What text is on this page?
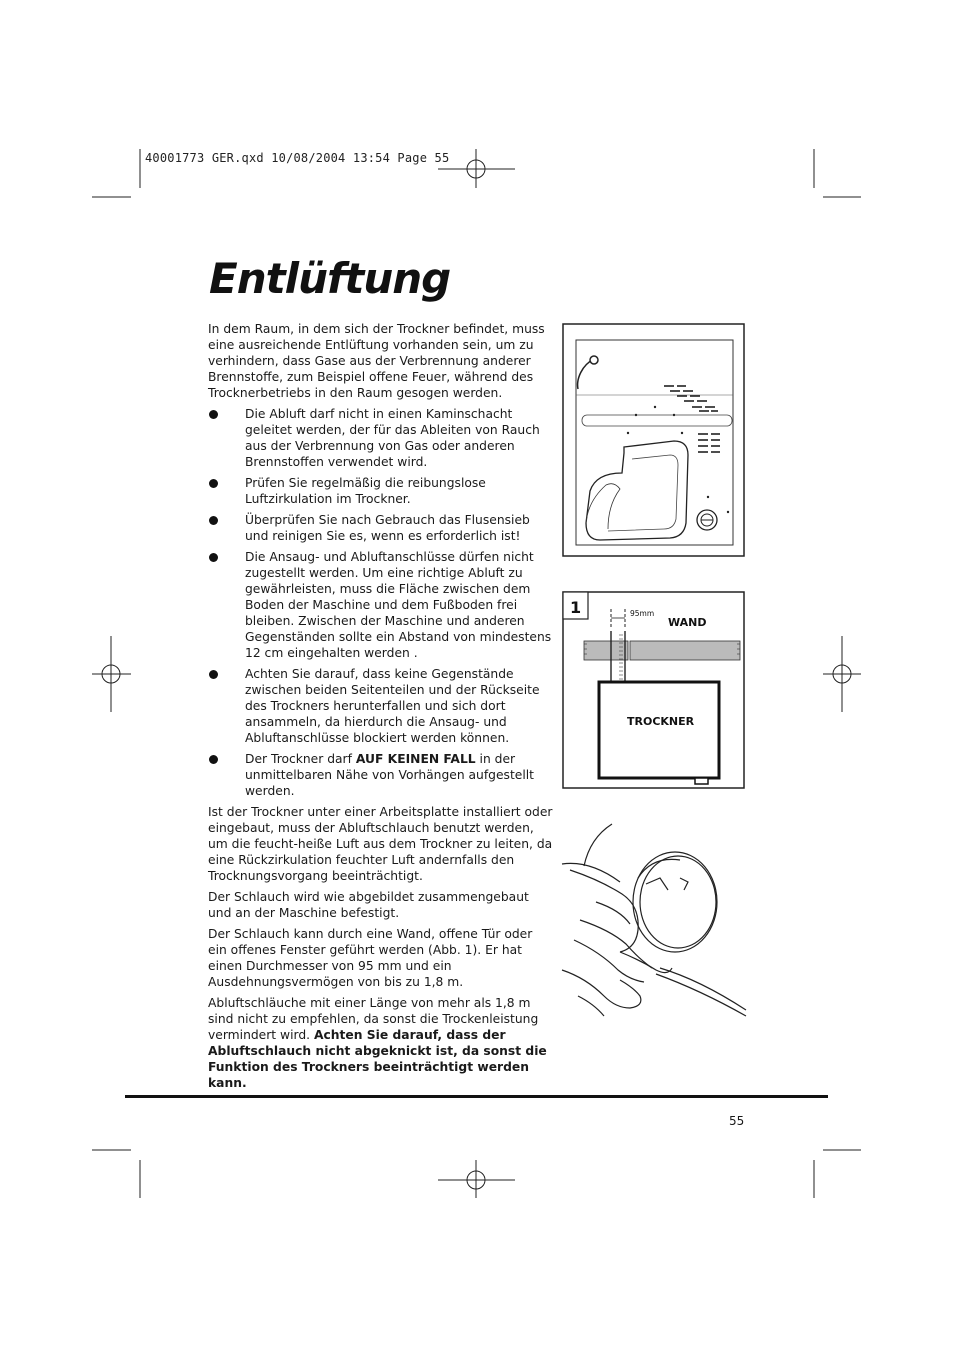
40001773 GER.qxd 10/08/2004 13:54 Page 55
Entlüftung

In dem Raum, in dem sich der Trockner befindet, muss eine ausreichende Entlüftung vorhanden sein, um zu verhindern, dass Gase aus der Verbrennung anderer Brennstoffe, zum Beispiel offene Feuer, während des Trocknerbetriebs in den Raum gesogen werden.

Die Abluft darf nicht in einen Kaminschacht geleitet werden, der für das Ableiten von Rauch aus der Verbrennung von Gas oder anderen Brennstoffen verwendet wird.
Prüfen Sie regelmäßig die reibungslose Luftzirkulation im Trockner.
Überprüfen Sie nach Gebrauch das Flusensieb und reinigen Sie es, wenn es erforderlich ist!
Die Ansaug- und Abluftanschlüsse dürfen nicht zugestellt werden. Um eine richtige Abluft zu gewährleisten, muss die Fläche zwischen dem Boden der Maschine und dem Fußboden frei bleiben. Zwischen der Maschine und anderen Gegenständen sollte ein Abstand von mindestens 12 cm eingehalten werden .
Achten Sie darauf, dass keine Gegenstände zwischen beiden Seitenteilen und der Rückseite des Trockners herunterfallen und sich dort ansammeln, da hierdurch die Ansaug- und Abluftanschlüsse blockiert werden können.
Der Trockner darf AUF KEINEN FALL in der unmittelbaren Nähe von Vorhängen aufgestellt werden.

Ist der Trockner unter einer Arbeitsplatte installiert oder eingebaut, muss der Abluftschlauch benutzt werden, um die feucht-heiße Luft aus dem Trockner zu leiten, da eine Rückzirkulation feuchter Luft andernfalls den Trocknungsvorgang beeinträchtigt.

Der Schlauch wird wie abgebildet zusammengebaut und an der Maschine befestigt.

Der Schlauch kann durch eine Wand, offene Tür oder ein offenes Fenster geführt werden (Abb. 1). Er hat einen Durchmesser von 95 mm und ein Ausdehnungsvermögen von bis zu 1,8 m.

Abluftschläuche mit einer Länge von mehr als 1,8 m sind nicht zu empfehlen, da sonst die Trockenleistung vermindert wird. Achten Sie darauf, dass der Abluftschlauch nicht abgeknickt ist, da sonst die Funktion des Trockners beeinträchtigt werden kann.

1	95mm
WAND
TROCKNER
55
